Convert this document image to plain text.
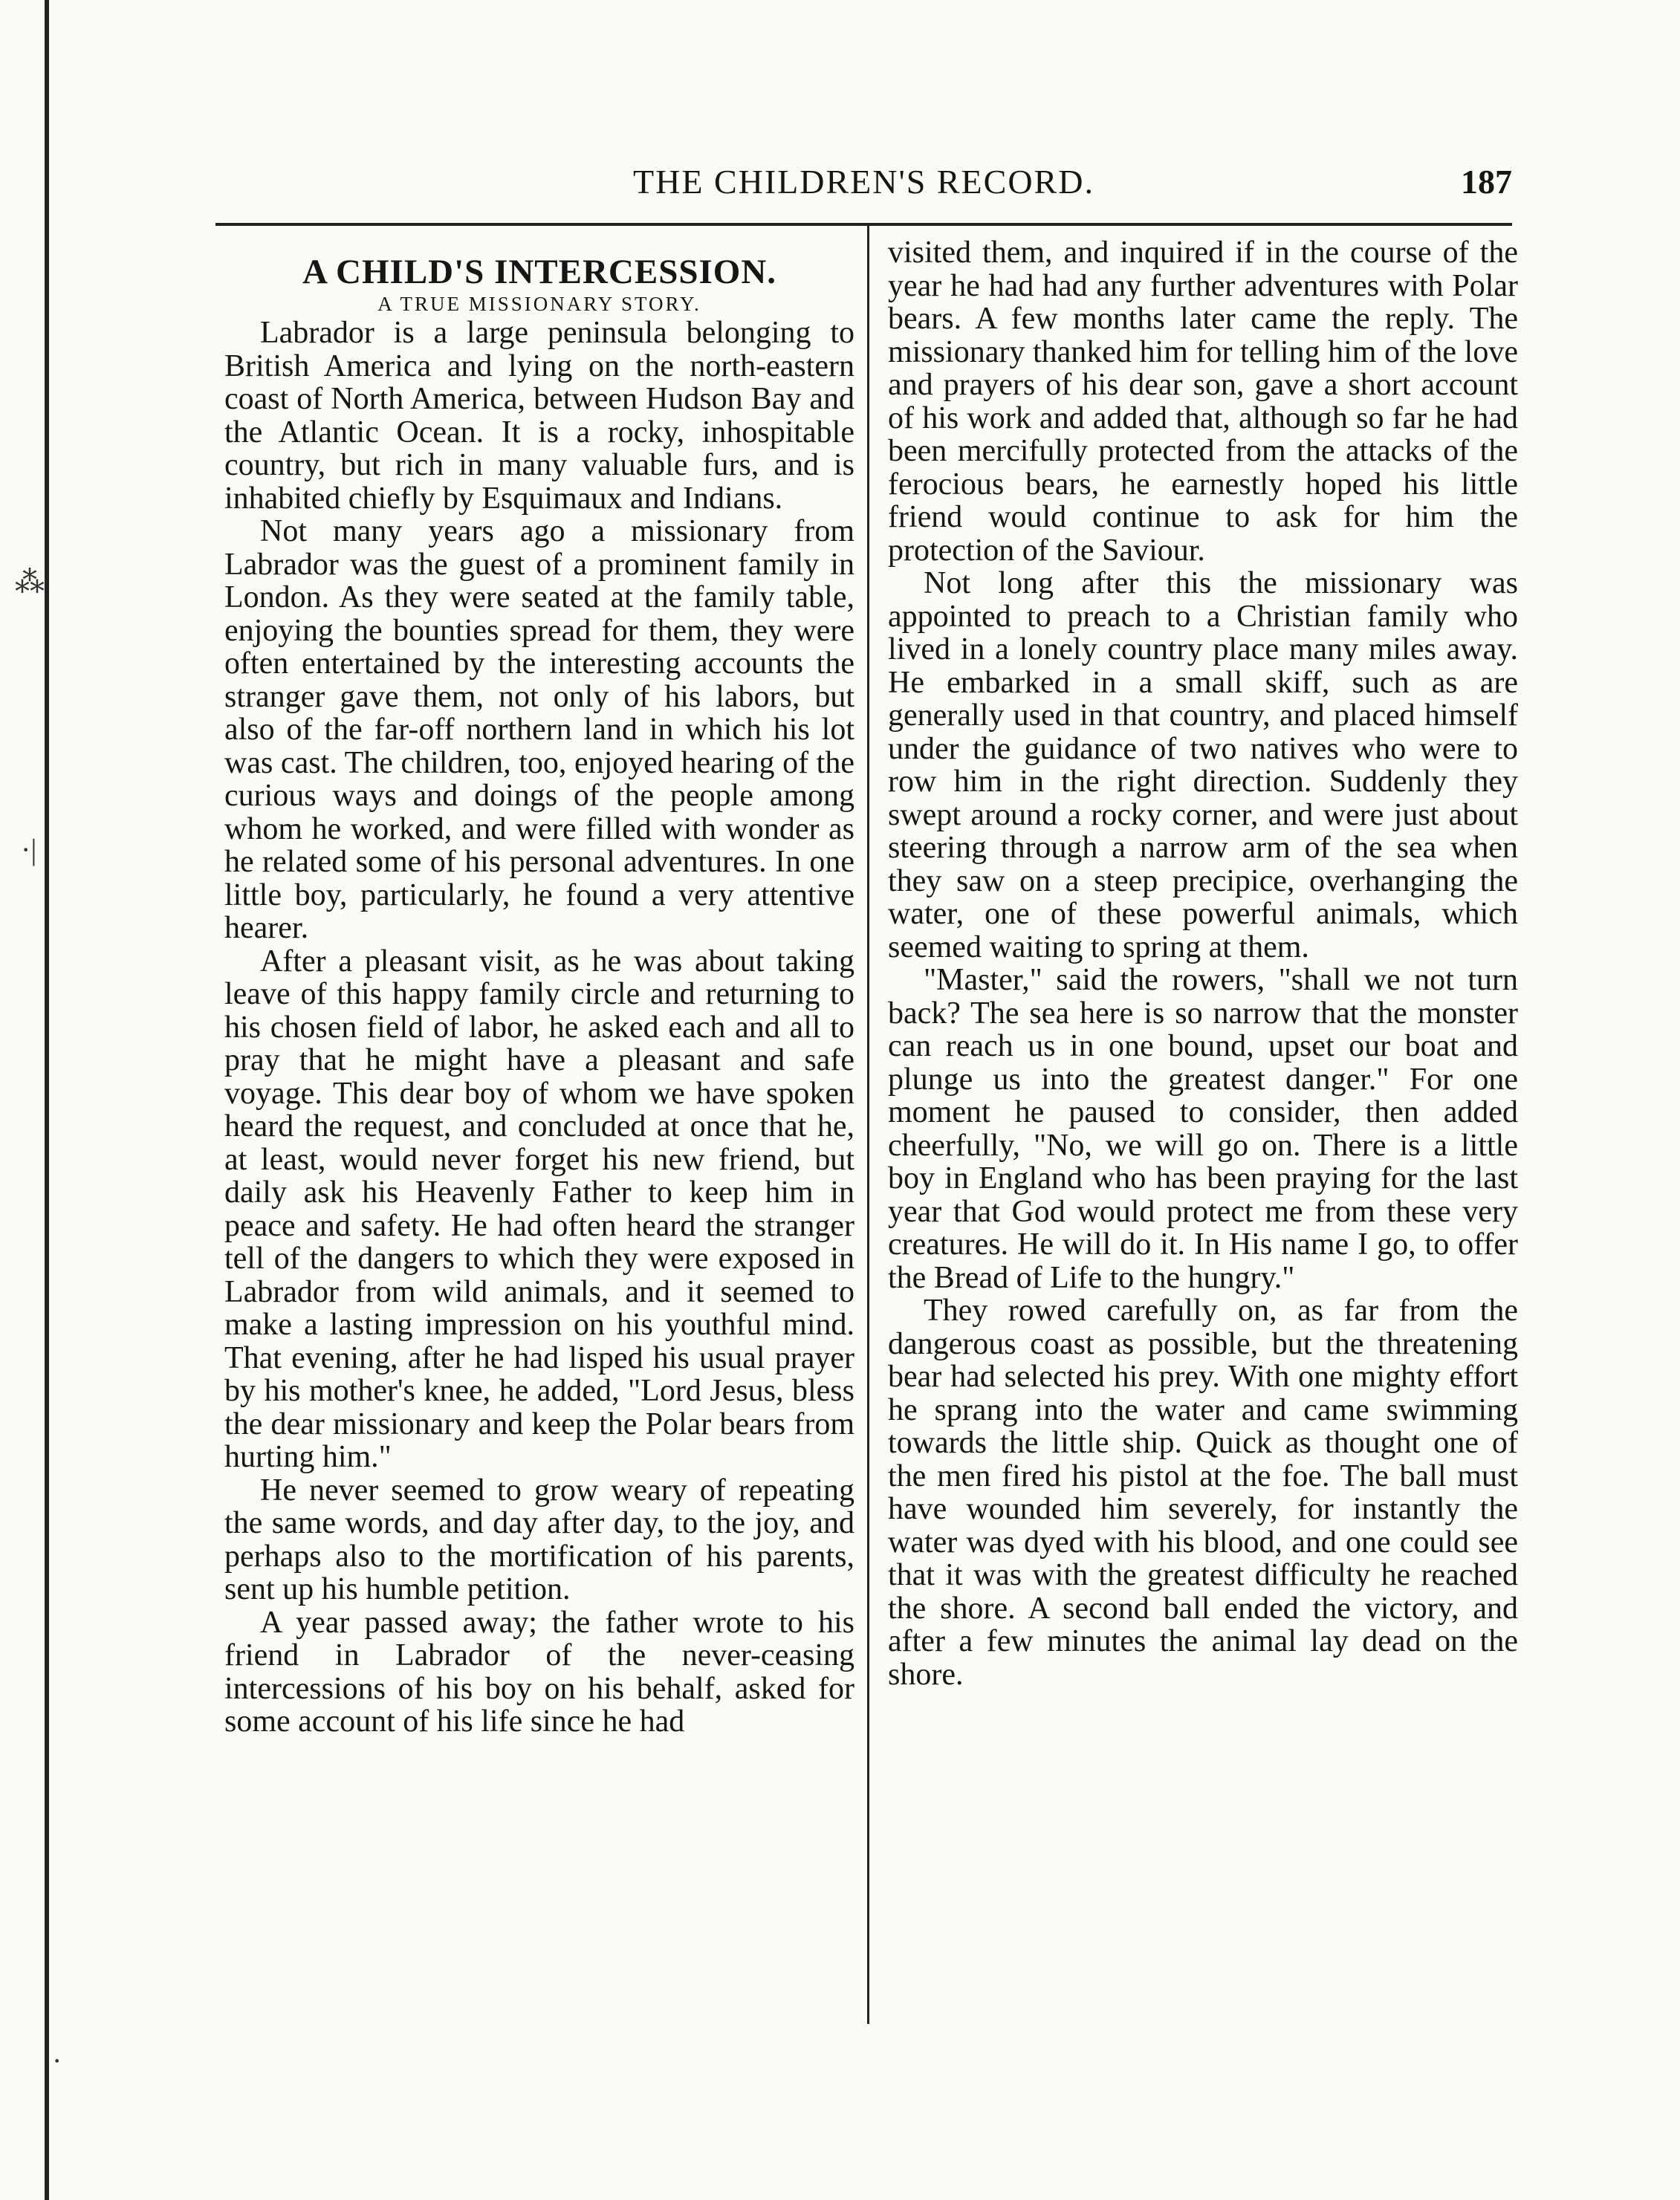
⁂
·|
·
THE CHILDREN'S RECORD.	187
A CHILD'S INTERCESSION.
A TRUE MISSIONARY STORY.

Labrador is a large peninsula belonging to British America and lying on the north-eastern coast of North America, between Hudson Bay and the Atlantic Ocean. It is a rocky, inhospitable country, but rich in many valuable furs, and is inhabited chiefly by Esquimaux and Indians.

Not many years ago a missionary from Labrador was the guest of a prominent family in London. As they were seated at the family table, enjoying the bounties spread for them, they were often entertained by the interesting accounts the stranger gave them, not only of his labors, but also of the far-off northern land in which his lot was cast. The children, too, enjoyed hearing of the curious ways and doings of the people among whom he worked, and were filled with wonder as he related some of his personal adventures. In one little boy, particularly, he found a very attentive hearer.

After a pleasant visit, as he was about taking leave of this happy family circle and returning to his chosen field of labor, he asked each and all to pray that he might have a pleasant and safe voyage. This dear boy of whom we have spoken heard the request, and concluded at once that he, at least, would never forget his new friend, but daily ask his Heavenly Father to keep him in peace and safety. He had often heard the stranger tell of the dangers to which they were exposed in Labrador from wild animals, and it seemed to make a lasting impression on his youthful mind. That evening, after he had lisped his usual prayer by his mother's knee, he added, "Lord Jesus, bless the dear missionary and keep the Polar bears from hurting him."

He never seemed to grow weary of repeating the same words, and day after day, to the joy, and perhaps also to the mortification of his parents, sent up his humble petition.

A year passed away; the father wrote to his friend in Labrador of the never-ceasing intercessions of his boy on his behalf, asked for some account of his life since he had

visited them, and inquired if in the course of the year he had had any further adventures with Polar bears. A few months later came the reply. The missionary thanked him for telling him of the love and prayers of his dear son, gave a short account of his work and added that, although so far he had been mercifully protected from the attacks of the ferocious bears, he earnestly hoped his little friend would continue to ask for him the protection of the Saviour.

Not long after this the missionary was appointed to preach to a Christian family who lived in a lonely country place many miles away. He embarked in a small skiff, such as are generally used in that country, and placed himself under the guidance of two natives who were to row him in the right direction. Suddenly they swept around a rocky corner, and were just about steering through a narrow arm of the sea when they saw on a steep precipice, overhanging the water, one of these powerful animals, which seemed waiting to spring at them.

"Master," said the rowers, "shall we not turn back? The sea here is so narrow that the monster can reach us in one bound, upset our boat and plunge us into the greatest danger." For one moment he paused to consider, then added cheerfully, "No, we will go on. There is a little boy in England who has been praying for the last year that God would protect me from these very creatures. He will do it. In His name I go, to offer the Bread of Life to the hungry."

They rowed carefully on, as far from the dangerous coast as possible, but the threatening bear had selected his prey. With one mighty effort he sprang into the water and came swimming towards the little ship. Quick as thought one of the men fired his pistol at the foe. The ball must have wounded him severely, for instantly the water was dyed with his blood, and one could see that it was with the greatest difficulty he reached the shore. A second ball ended the victory, and after a few minutes the animal lay dead on the shore.
